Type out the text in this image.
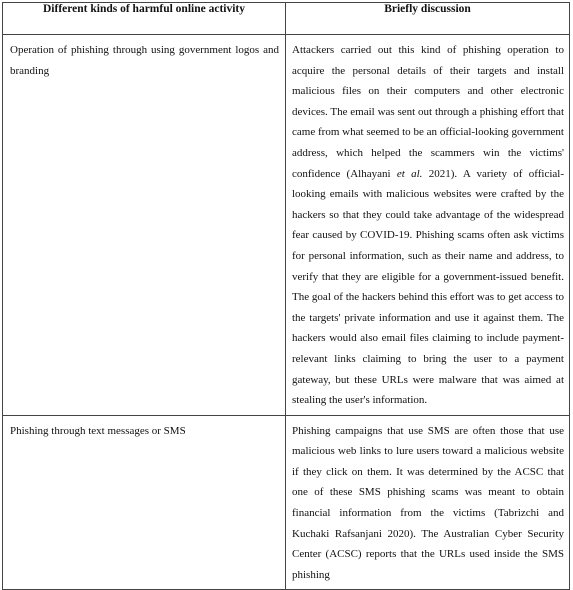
Different kinds of harmful online activity	Briefly discussion

Operation of phishing through using government logos and branding	Attackers carried out this kind of phishing operation to acquire the personal details of their targets and install malicious files on their computers and other electronic devices. The email was sent out through a phishing effort that came from what seemed to be an official-looking government address, which helped the scammers win the victims' confidence (Alhayani et al. 2021). A variety of official-looking emails with malicious websites were crafted by the hackers so that they could take advantage of the widespread fear caused by COVID-19. Phishing scams often ask victims for personal information, such as their name and address, to verify that they are eligible for a government-issued benefit. The goal of the hackers behind this effort was to get access to the targets' private information and use it against them. The hackers would also email files claiming to include payment-relevant links claiming to bring the user to a payment gateway, but these URLs were malware that was aimed at stealing the user's information.

Phishing through text messages or SMS	Phishing campaigns that use SMS are often those that use malicious web links to lure users toward a malicious website if they click on them. It was determined by the ACSC that one of these SMS phishing scams was meant to obtain financial information from the victims (Tabrizchi and Kuchaki Rafsanjani 2020). The Australian Cyber Security Center (ACSC) reports that the URLs used inside the SMS phishing
